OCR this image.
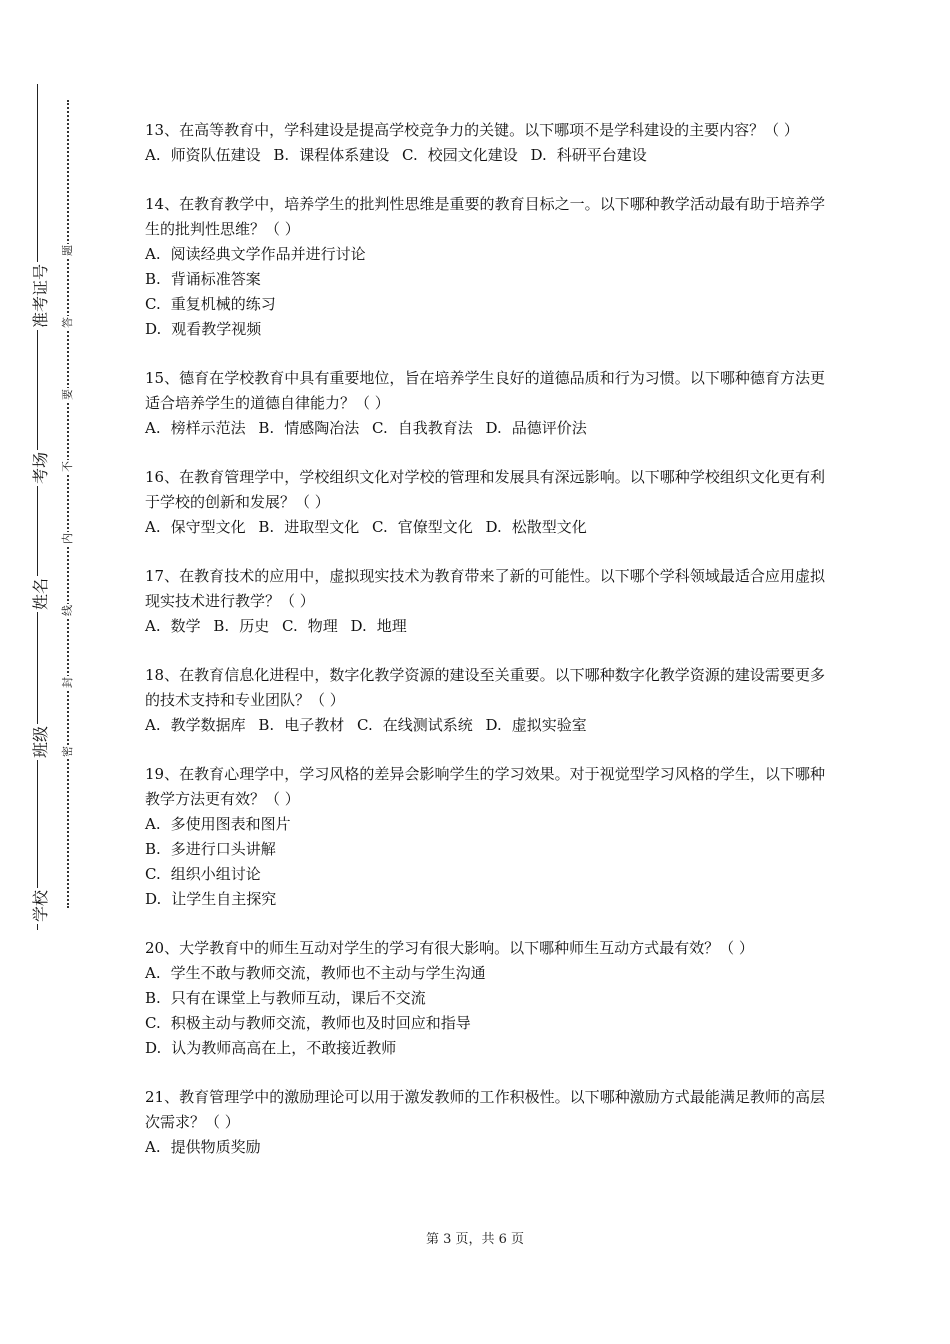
学校
班级
姓名
考场
准考证号
密
封
线
内
不
要
答
题

13、在高等教育中，学科建设是提高学校竞争力的关键。以下哪项不是学科建设的主要内容？（ ）

A. 师资队伍建设 B. 课程体系建设 C. 校园文化建设 D. 科研平台建设

14、在教育教学中，培养学生的批判性思维是重要的教育目标之一。以下哪种教学活动最有助于培养学生的批判性思维？（ ）

A. 阅读经典文学作品并进行讨论

B. 背诵标准答案

C. 重复机械的练习

D. 观看教学视频

15、德育在学校教育中具有重要地位，旨在培养学生良好的道德品质和行为习惯。以下哪种德育方法更适合培养学生的道德自律能力？（ ）

A. 榜样示范法 B. 情感陶冶法 C. 自我教育法 D. 品德评价法

16、在教育管理学中，学校组织文化对学校的管理和发展具有深远影响。以下哪种学校组织文化更有利于学校的创新和发展？（ ）

A. 保守型文化 B. 进取型文化 C. 官僚型文化 D. 松散型文化

17、在教育技术的应用中，虚拟现实技术为教育带来了新的可能性。以下哪个学科领域最适合应用虚拟现实技术进行教学？（ ）

A. 数学 B. 历史 C. 物理 D. 地理

18、在教育信息化进程中，数字化教学资源的建设至关重要。以下哪种数字化教学资源的建设需要更多的技术支持和专业团队？（ ）

A. 教学数据库 B. 电子教材 C. 在线测试系统 D. 虚拟实验室

19、在教育心理学中，学习风格的差异会影响学生的学习效果。对于视觉型学习风格的学生，以下哪种教学方法更有效？（ ）

A. 多使用图表和图片

B. 多进行口头讲解

C. 组织小组讨论

D. 让学生自主探究

20、大学教育中的师生互动对学生的学习有很大影响。以下哪种师生互动方式最有效？（ ）

A. 学生不敢与教师交流，教师也不主动与学生沟通

B. 只有在课堂上与教师互动，课后不交流

C. 积极主动与教师交流，教师也及时回应和指导

D. 认为教师高高在上，不敢接近教师

21、教育管理学中的激励理论可以用于激发教师的工作积极性。以下哪种激励方式最能满足教师的高层次需求？（ ）

A. 提供物质奖励

第 3 页，共 6 页
